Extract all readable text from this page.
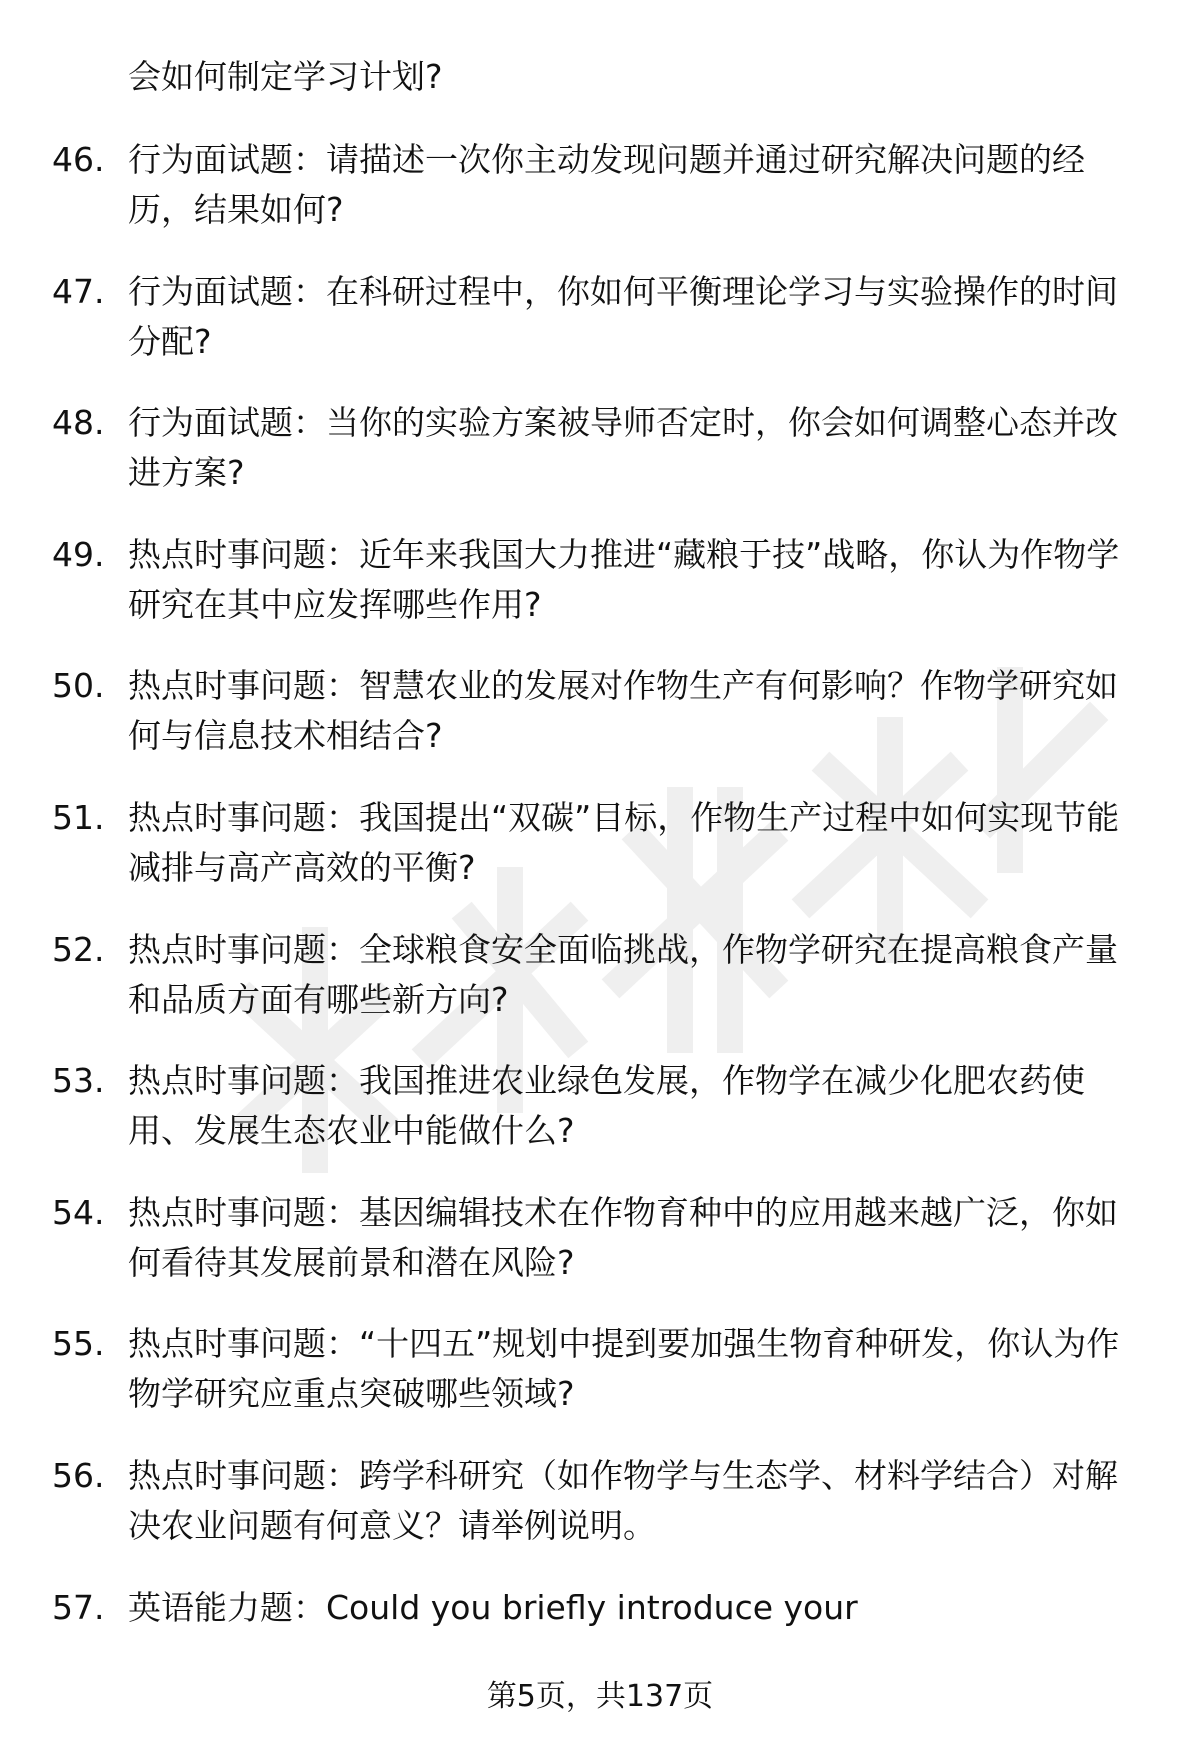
会如何制定学习计划?
46. 行为面试题：请描述一次你主动发现问题并通过研究解决问题的经历，结果如何?
47. 行为面试题：在科研过程中，你如何平衡理论学习与实验操作的时间分配?
48. 行为面试题：当你的实验方案被导师否定时，你会如何调整心态并改进方案?
49. 热点时事问题：近年来我国大力推进“藏粮于技”战略，你认为作物学研究在其中应发挥哪些作用?
50. 热点时事问题：智慧农业的发展对作物生产有何影响？作物学研究如何与信息技术相结合?
51. 热点时事问题：我国提出“双碳”目标，作物生产过程中如何实现节能减排与高产高效的平衡?
52. 热点时事问题：全球粮食安全面临挑战，作物学研究在提高粮食产量和品质方面有哪些新方向?
53. 热点时事问题：我国推进农业绿色发展，作物学在减少化肥农药使用、发展生态农业中能做什么?
54. 热点时事问题：基因编辑技术在作物育种中的应用越来越广泛，你如何看待其发展前景和潜在风险?
55. 热点时事问题：“十四五”规划中提到要加强生物育种研发，你认为作物学研究应重点突破哪些领域?
56. 热点时事问题：跨学科研究（如作物学与生态学、材料学结合）对解决农业问题有何意义？请举例说明。
57. 英语能力题：Could you briefly introduce your
第5页，共137页
